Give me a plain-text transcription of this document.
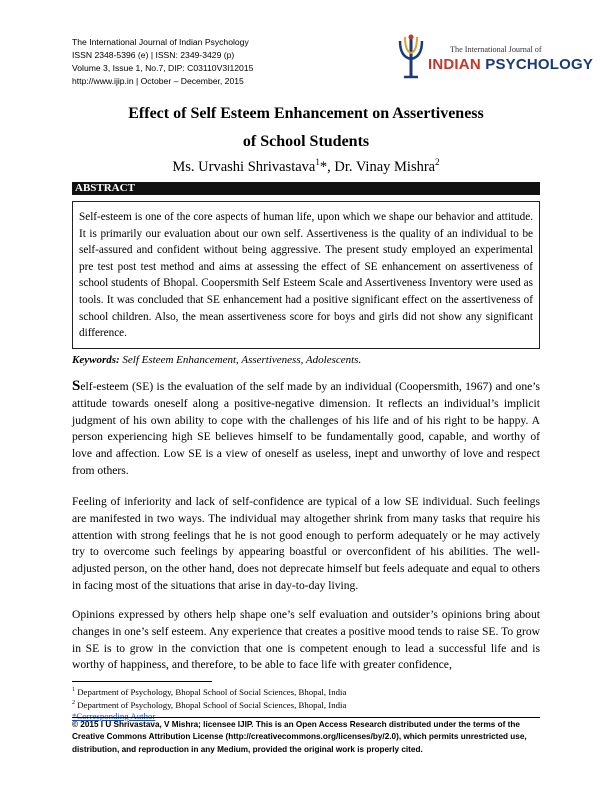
The International Journal of Indian Psychology
ISSN 2348-5396 (e) | ISSN: 2349-3429 (p)
Volume 3, Issue 1, No.7, DIP: C03110V3I12015
http://www.ijip.in | October – December, 2015
The International Journal of
INDIAN PSYCHOLOGY
Effect of Self Esteem Enhancement on Assertiveness
of School Students
Ms. Urvashi Shrivastava$^1$*, Dr. Vinay Mishra$^2$
ABSTRACT
Self-esteem is one of the core aspects of human life, upon which we shape our behavior and attitude. It is primarily our evaluation about our own self. Assertiveness is the quality of an individual to be self-assured and confident without being aggressive. The present study employed an experimental pre test post test method and aims at assessing the effect of SE enhancement on assertiveness of school students of Bhopal. Coopersmith Self Esteem Scale and Assertiveness Inventory were used as tools. It was concluded that SE enhancement had a positive significant effect on the assertiveness of school children. Also, the mean assertiveness score for boys and girls did not show any significant difference.
Keywords: Self Esteem Enhancement, Assertiveness, Adolescents.
Self-esteem (SE) is the evaluation of the self made by an individual (Coopersmith, 1967) and one’s attitude towards oneself along a positive-negative dimension. It reflects an individual’s implicit judgment of his own ability to cope with the challenges of his life and of his right to be happy. A person experiencing high SE believes himself to be fundamentally good, capable, and worthy of love and affection. Low SE is a view of oneself as useless, inept and unworthy of love and respect from others.
Feeling of inferiority and lack of self-confidence are typical of a low SE individual. Such feelings are manifested in two ways. The individual may altogether shrink from many tasks that require his attention with strong feelings that he is not good enough to perform adequately or he may actively try to overcome such feelings by appearing boastful or overconfident of his abilities. The well-adjusted person, on the other hand, does not deprecate himself but feels adequate and equal to others in facing most of the situations that arise in day-to-day living.
Opinions expressed by others help shape one’s self evaluation and outsider’s opinions bring about changes in one’s self esteem. Any experience that creates a positive mood tends to raise SE. To grow in SE is to grow in the conviction that one is competent enough to lead a successful life and is worthy of happiness, and therefore, to be able to face life with greater confidence,
$^1$ Department of Psychology, Bhopal School of Social Sciences, Bhopal, India
$^2$ Department of Psychology, Bhopal School of Social Sciences, Bhopal, India
*Corresponding Author
© 2015 I U Shrivastava, V Mishra; licensee IJIP. This is an Open Access Research distributed under the terms of the Creative Commons Attribution License (http://creativecommons.org/licenses/by/2.0), which permits unrestricted use, distribution, and reproduction in any Medium, provided the original work is properly cited.
